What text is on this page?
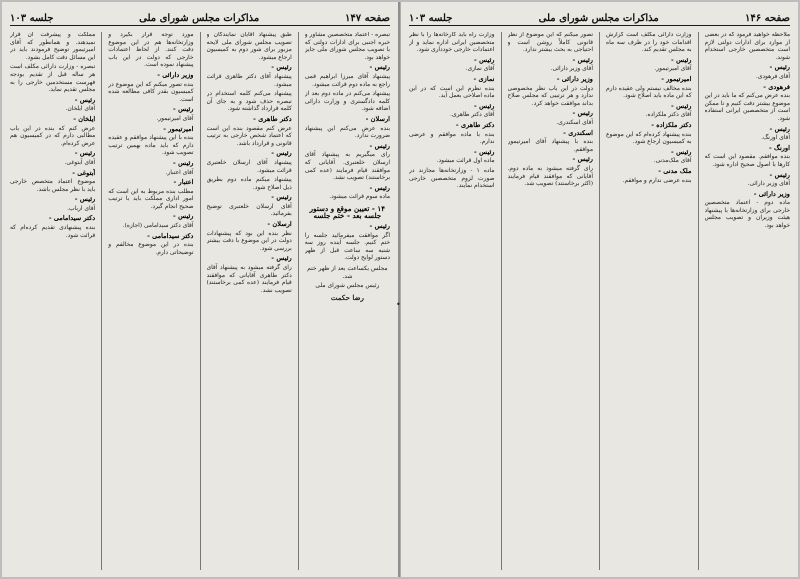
صفحه ۱۴۷
مذاکرات مجلس شورای ملی
جلسه ۱۰۳
تبصره - اعتماد متخصصین مشاور و خبره اجنبی برای ادارات دولتی که با تصویب مجلس شورای ملی جایز خواهد بود.
رئیس -
پیشنهاد آقای میرزا ابراهیم قمی راجع به ماده دوم قرائت میشود.
پیشنهاد می‌کنم در ماده دوم بعد از کلمه دادگستری و وزارت دارائی اضافه شود.
ارسلان -
بنده عرض می‌کنم این پیشنهاد ضرورت ندارد.
رئیس -
رای میگیریم به پیشنهاد آقای ارسلان خلعتبری. آقایانی که موافقند قیام فرمایند (عده کمی برخاستند) تصویب نشد.
رئیس -
ماده سوم قرائت میشود.
۱۴ - تعیین موقع و دستور جلسه بعد - ختم جلسه
رئیس -
اگر موافقت میفرمائید جلسه را ختم کنیم. جلسه آینده روز سه شنبه سه ساعت قبل از ظهر دستور لوایح دولت.
مجلس یکساعت بعد از ظهر ختم شد.
رئیس مجلس شورای ملی
رضا حکمت
طبق پیشنهاد آقایان نمایندگان و تصویب مجلس شورای ملی لایحه مزبور برای شور دوم به کمیسیون ارجاع میشود.
رئیس -
پیشنهاد آقای دکتر طاهری قرائت میشود.
پیشنهاد می‌کنم کلمه استخدام در تبصره حذف شود و به جای آن کلمه قرارداد گذاشته شود.
دکتر طاهری -
عرض کنم مقصود بنده این است که اعتماد شخص خارجی به ترتیب قانونی و قرارداد باشد.
رئیس -
پیشنهاد آقای ارسلان خلعتبری قرائت میشود.
پیشنهاد میکنم ماده دوم بطریق ذیل اصلاح شود.
رئیس -
آقای ارسلان خلعتبری توضیح بفرمائید.
ارسلان -
نظر بنده این بود که پیشنهادات دولت در این موضوع با دقت بیشتر بررسی شود.
رئیس -
رای گرفته میشود به پیشنهاد آقای دکتر طاهری آقایانی که موافقند قیام فرمایند (عده کمی برخاستند) تصویب نشد.
مورد توجه قرار بگیرد و وزارتخانه‌ها هم در این موضوع دقت کنند. از لحاظ اعتمادات خارجی که دولت در این باب پیشنهاد نموده است.
وزیر دارائی -
بنده تصور میکنم که این موضوع در کمیسیون بقدر کافی مطالعه شده است.
رئیس -
آقای امیرتیمور.
امیرتیمور -
بنده با این پیشنهاد موافقم و عقیده دارم که باید ماده بهمین ترتیب تصویب شود.
رئیس -
آقای اعتبار.
اعتبار -
مطلب بنده مربوط به این است که امور اداری مملکت باید با ترتیب صحیح انجام گیرد.
رئیس -
آقای دکتر سیدامامی (اجازه).
دکتر سیدامامی -
بنده در این موضوع مخالفم و توضیحاتی دارم.
مملکت و پیشرفت آن قرار نمیدهند. و همانطور که آقای امیرتیمور توضیح فرمودند باید در این مسائل دقت کامل بشود.
تبصره - وزارت دارائی مکلف است هر ساله قبل از تقدیم بودجه فهرست مستخدمین خارجی را به مجلس تقدیم نماید.
رئیس -
آقای ایلخان.
ایلخان -
عرض کنم که بنده در این باب مطالبی دارم که در کمیسیون هم عرض کرده‌ام.
رئیس -
آقای آبتوغی.
آبتوغی -
موضوع اعتماد متخصص خارجی باید با نظر مجلس باشد.
رئیس -
آقای ارباب.
دکتر سیدامامی -
بنده پیشنهادی تقدیم کرده‌ام که قرائت شود.
صفحه ۱۴۶
مذاکرات مجلس شورای ملی
جلسه ۱۰۳
ملاحظه خواهید فرمود که در بعضی از موارد برای ادارات دولتی لازم است متخصصین خارجی استخدام شوند.
رئیس -
آقای فرهودی.
فرهودی -
بنده عرض می‌کنم که ما باید در این موضوع بیشتر دقت کنیم و تا ممکن است از متخصصین ایرانی استفاده شود.
رئیس -
آقای اورنگ.
اورنگ -
بنده موافقم. مقصود این است که کارها با اصول صحیح اداره شود.
رئیس -
آقای وزیر دارائی.
وزیر دارائی -
ماده دوم - اعتماد متخصصین خارجی برای وزارتخانه‌ها با پیشنهاد هیئت وزیران و تصویب مجلس خواهد بود.
وزارت دارائی مکلف است گزارش اقدامات خود را در ظرف سه ماه به مجلس تقدیم کند.
رئیس -
آقای امیرتیمور.
امیرتیمور -
بنده مخالف نیستم ولی عقیده دارم که این ماده باید اصلاح شود.
رئیس -
آقای دکتر ملکزاده.
دکتر ملکزاده -
بنده پیشنهاد کرده‌ام که این موضوع به کمیسیون ارجاع شود.
رئیس -
آقای ملک‌مدنی.
ملک مدنی -
بنده عرضی ندارم و موافقم.
تصور میکنم که این موضوع از نظر قانونی کاملاً روشن است و احتیاجی به بحث بیشتر ندارد.
رئیس -
آقای وزیر دارائی.
وزیر دارائی -
دولت در این باب نظر مخصوصی ندارد و هر ترتیبی که مجلس صلاح بداند موافقت خواهد کرد.
رئیس -
آقای اسکندری.
اسکندری -
بنده با پیشنهاد آقای امیرتیمور موافقم.
رئیس -
رای گرفته میشود به ماده دوم. آقایانی که موافقند قیام فرمایند (اکثر برخاستند) تصویب شد.
وزارت راه باید کارخانه‌ها را با نظر متخصصین ایرانی اداره نماید و از اعتمادات خارجی خودداری شود.
رئیس -
آقای نمازی.
نمازی -
بنده نظرم این است که در این ماده اصلاحی بعمل آید.
رئیس -
آقای دکتر طاهری.
دکتر طاهری -
بنده با ماده موافقم و عرضی ندارم.
رئیس -
ماده اول قرائت میشود.
ماده ۱ - وزارتخانه‌ها مجازند در صورت لزوم متخصصین خارجی استخدام نمایند.
•
